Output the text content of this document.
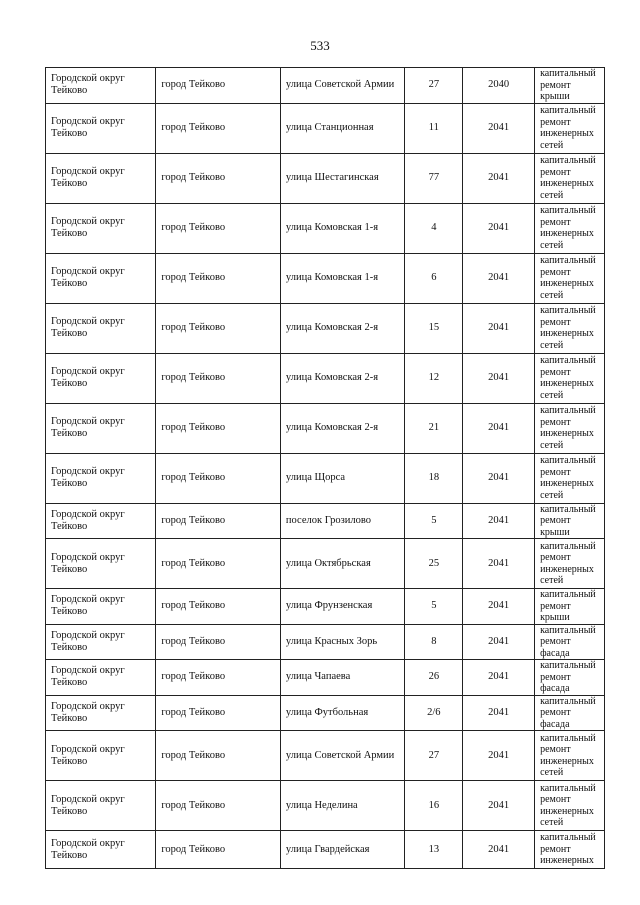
533
Городской округ Тейково	город Тейково	улица Советской Армии	27	2040	капитальный ремонт крыши
Городской округ Тейково	город Тейково	улица Станционная	11	2041	капитальный ремонт инженерных сетей
Городской округ Тейково	город Тейково	улица Шестагинская	77	2041	капитальный ремонт инженерных сетей
Городской округ Тейково	город Тейково	улица Комовская 1-я	4	2041	капитальный ремонт инженерных сетей
Городской округ Тейково	город Тейково	улица Комовская 1-я	6	2041	капитальный ремонт инженерных сетей
Городской округ Тейково	город Тейково	улица Комовская 2-я	15	2041	капитальный ремонт инженерных сетей
Городской округ Тейково	город Тейково	улица Комовская 2-я	12	2041	капитальный ремонт инженерных сетей
Городской округ Тейково	город Тейково	улица Комовская 2-я	21	2041	капитальный ремонт инженерных сетей
Городской округ Тейково	город Тейково	улица Щорса	18	2041	капитальный ремонт инженерных сетей
Городской округ Тейково	город Тейково	поселок Грозилово	5	2041	капитальный ремонт крыши
Городской округ Тейково	город Тейково	улица Октябрьская	25	2041	капитальный ремонт инженерных сетей
Городской округ Тейково	город Тейково	улица Фрунзенская	5	2041	капитальный ремонт крыши
Городской округ Тейково	город Тейково	улица Красных Зорь	8	2041	капитальный ремонт фасада
Городской округ Тейково	город Тейково	улица Чапаева	26	2041	капитальный ремонт фасада
Городской округ Тейково	город Тейково	улица Футбольная	2/6	2041	капитальный ремонт фасада
Городской округ Тейково	город Тейково	улица Советской Армии	27	2041	капитальный ремонт инженерных сетей
Городской округ Тейково	город Тейково	улица Неделина	16	2041	капитальный ремонт инженерных сетей
Городской округ Тейково	город Тейково	улица Гвардейская	13	2041	капитальный ремонт инженерных
